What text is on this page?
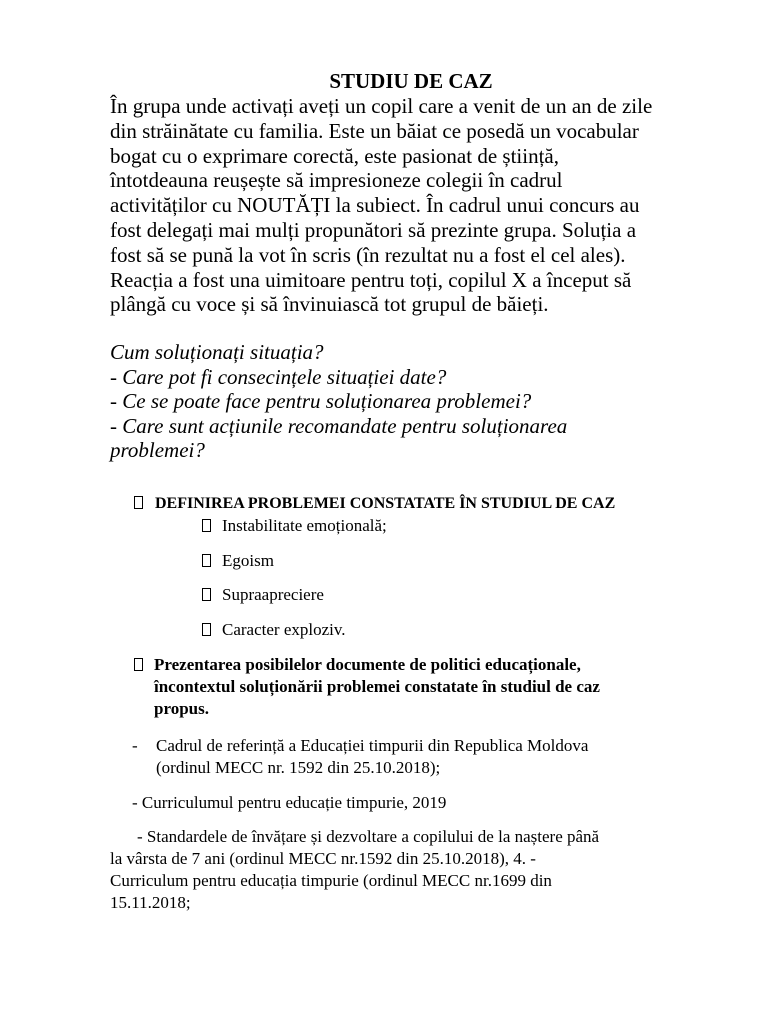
STUDIU DE CAZ
În grupa unde activați aveți un copil care a venit de un an de zile
din străinătate cu familia. Este un băiat ce posedă un vocabular
bogat cu o exprimare corectă, este pasionat de știință,
întotdeauna reușește să impresioneze colegii în cadrul
activităților cu NOUTĂȚI la subiect. În cadrul unui concurs au
fost delegați mai mulți propunători să prezinte grupa. Soluția a
fost să se pună la vot în scris (în rezultat nu a fost el cel ales).
Reacția a fost una uimitoare pentru toți, copilul X a început să
plângă cu voce și să învinuiască tot grupul de băieți.
Cum soluționați situația?
- Care pot fi consecințele situației date?
- Ce se poate face pentru soluționarea problemei?
- Care sunt acțiunile recomandate pentru soluționarea
problemei?
DEFINIREA PROBLEMEI CONSTATATE ÎN STUDIUL DE CAZ
Instabilitate emoțională;
Egoism
Supraapreciere
Caracter exploziv.
Prezentarea posibilelor documente de politici educaționale,
încontextul soluționării problemei constatate în studiul de caz
propus.
- Cadrul de referință a Educației timpurii din Republica Moldova
(ordinul MECC nr. 1592 din 25.10.2018);
- Curriculumul pentru educație timpurie, 2019
- Standardele de învățare și dezvoltare a copilului de la naștere până
la vârsta de 7 ani (ordinul MECC nr.1592 din 25.10.2018), 4. -
Curriculum pentru educația timpurie (ordinul MECC nr.1699 din
15.11.2018;
